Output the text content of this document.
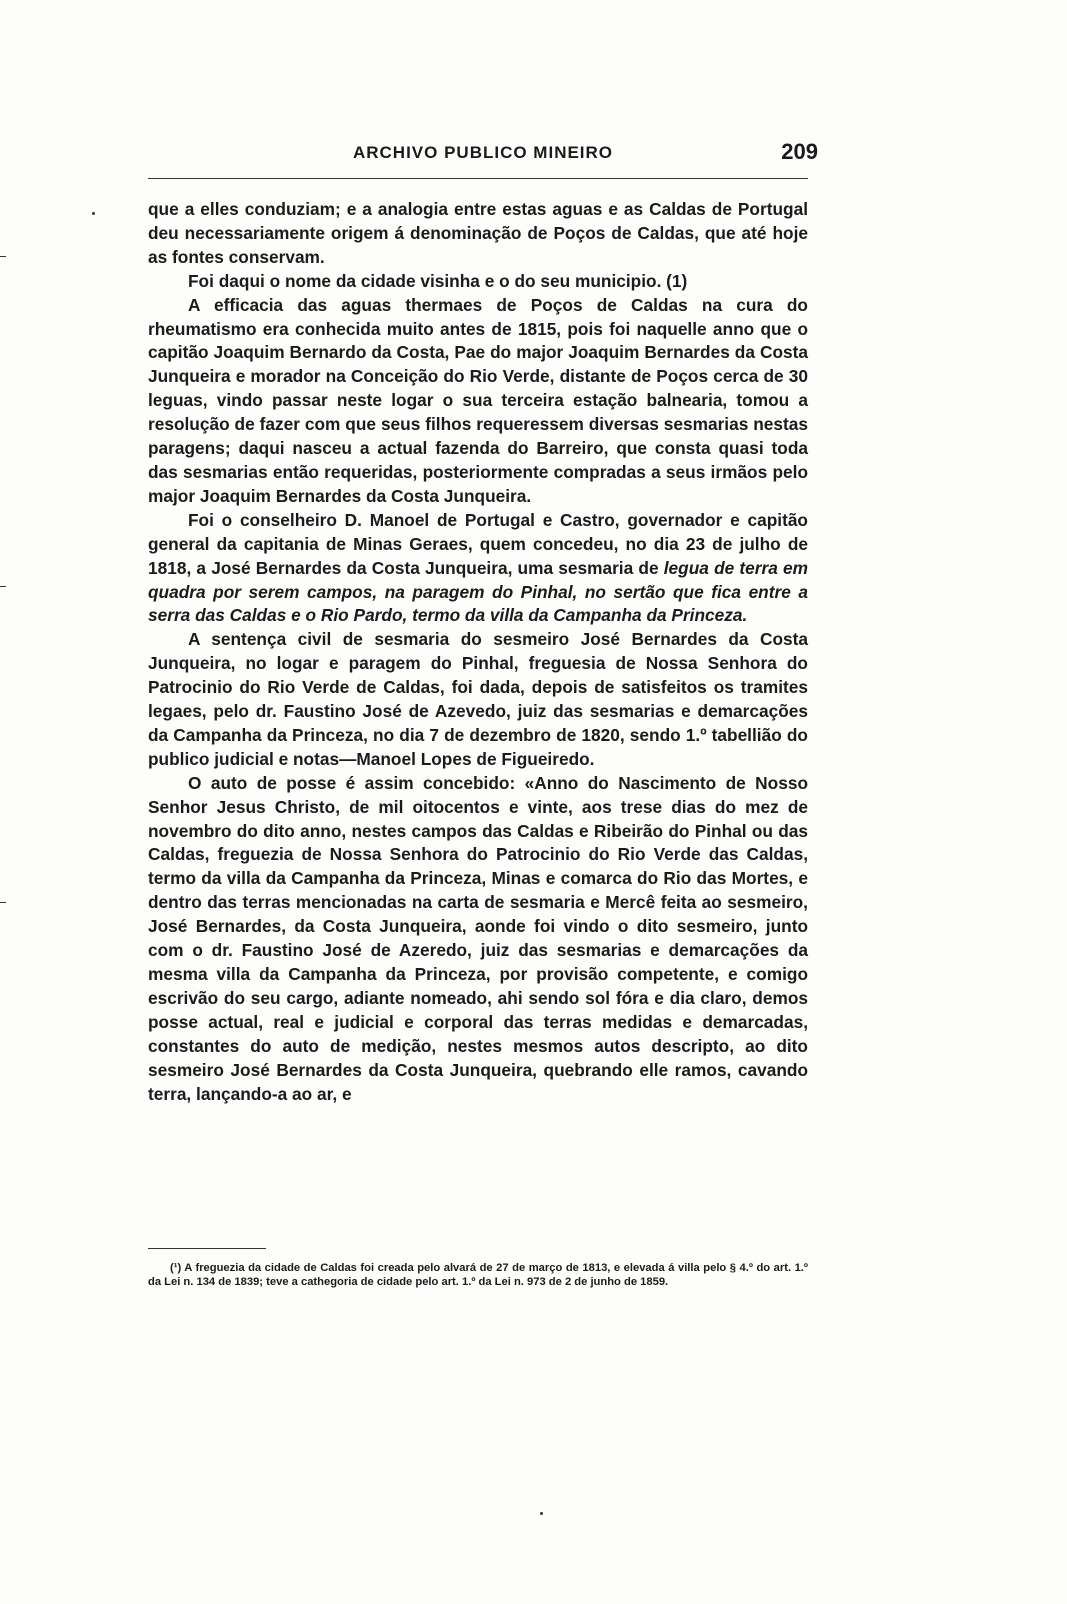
ARCHIVO PUBLICO MINEIRO	209

que a elles conduziam; e a analogia entre estas aguas e as Caldas de Portugal deu necessariamente origem á denominação de Poços de Caldas, que até hoje as fontes conservam.

Foi daqui o nome da cidade visinha e o do seu municipio. (1)

A efficacia das aguas thermaes de Poços de Caldas na cura do rheumatismo era conhecida muito antes de 1815, pois foi naquelle anno que o capitão Joaquim Bernardo da Costa, Pae do major Joaquim Bernardes da Costa Junqueira e morador na Conceição do Rio Verde, distante de Poços cerca de 30 leguas, vindo passar neste logar o sua terceira estação balnearia, tomou a resolução de fazer com que seus filhos requeressem diversas sesmarias nestas paragens; daqui nasceu a actual fazenda do Barreiro, que consta quasi toda das sesmarias então requeridas, posteriormente compradas a seus irmãos pelo major Joaquim Bernardes da Costa Junqueira.

Foi o conselheiro D. Manoel de Portugal e Castro, governador e capitão general da capitania de Minas Geraes, quem concedeu, no dia 23 de julho de 1818, a José Bernardes da Costa Junqueira, uma sesmaria de legua de terra em quadra por serem campos, na paragem do Pinhal, no sertão que fica entre a serra das Caldas e o Rio Pardo, termo da villa da Campanha da Princeza.

A sentença civil de sesmaria do sesmeiro José Bernardes da Costa Junqueira, no logar e paragem do Pinhal, freguesia de Nossa Senhora do Patrocinio do Rio Verde de Caldas, foi dada, depois de satisfeitos os tramites legaes, pelo dr. Faustino José de Azevedo, juiz das sesmarias e demarcações da Campanha da Princeza, no dia 7 de dezembro de 1820, sendo 1.º tabellião do publico judicial e notas—Manoel Lopes de Figueiredo.

O auto de posse é assim concebido: «Anno do Nascimento de Nosso Senhor Jesus Christo, de mil oitocentos e vinte, aos trese dias do mez de novembro do dito anno, nestes campos das Caldas e Ribeirão do Pinhal ou das Caldas, freguezia de Nossa Senhora do Patrocinio do Rio Verde das Caldas, termo da villa da Campanha da Princeza, Minas e comarca do Rio das Mortes, e dentro das terras mencionadas na carta de sesmaria e Mercê feita ao sesmeiro, José Bernardes, da Costa Junqueira, aonde foi vindo o dito sesmeiro, junto com o dr. Faustino José de Azeredo, juiz das sesmarias e demarcações da mesma villa da Campanha da Princeza, por provisão competente, e comigo escrivão do seu cargo, adiante nomeado, ahi sendo sol fóra e dia claro, demos posse actual, real e judicial e corporal das terras medidas e demarcadas, constantes do auto de medição, nestes mesmos autos descripto, ao dito sesmeiro José Bernardes da Costa Junqueira, quebrando elle ramos, cavando terra, lançando-a ao ar, e

(¹) A freguezia da cidade de Caldas foi creada pelo alvará de 27 de março de 1813, e elevada á villa pelo § 4.º do art. 1.º da Lei n. 134 de 1839; teve a cathegoria de cidade pelo art. 1.º da Lei n. 973 de 2 de junho de 1859.
